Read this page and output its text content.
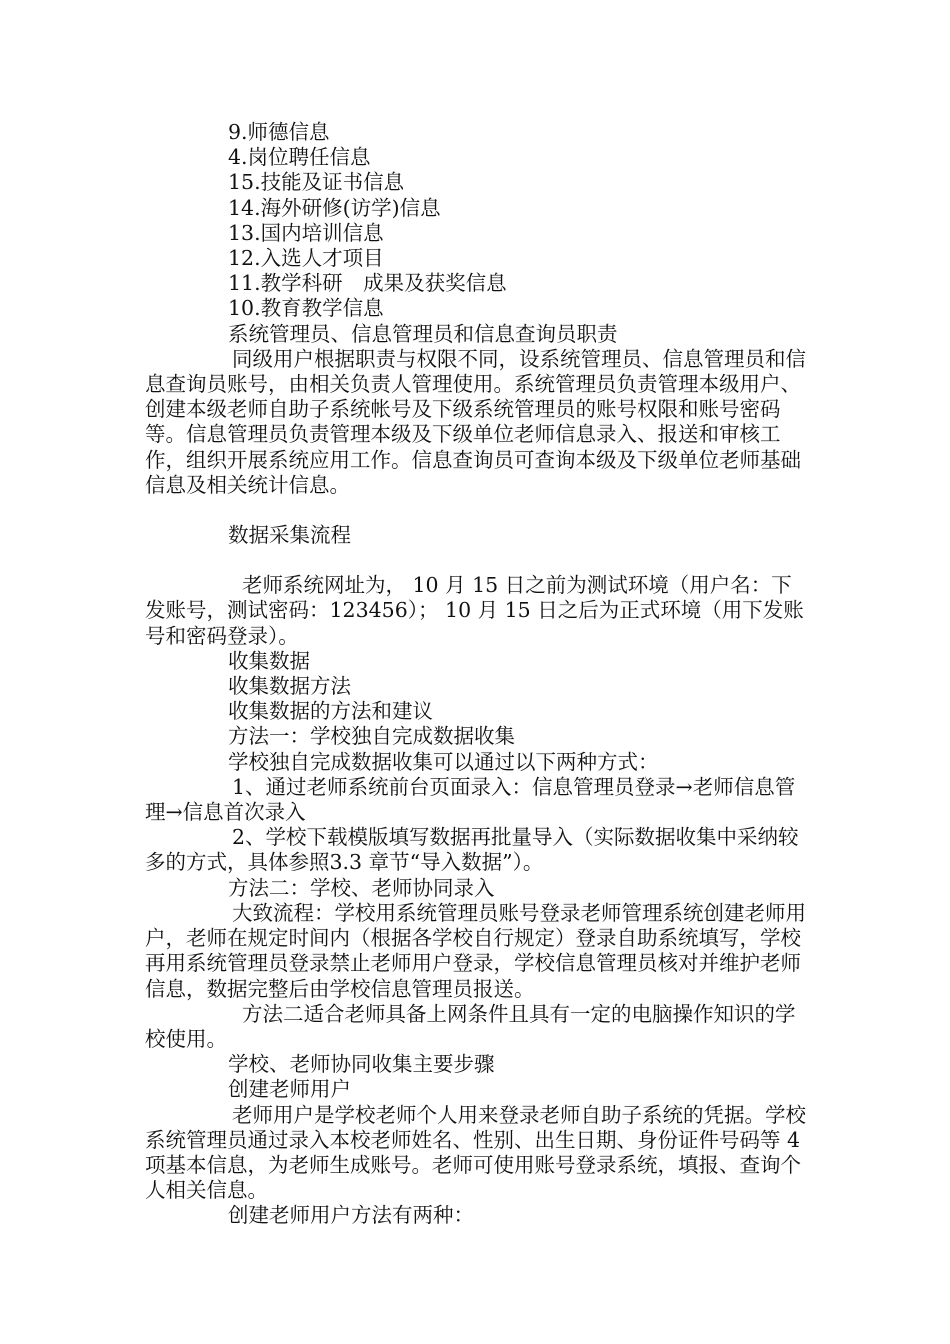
9.师德信息

4.岗位聘任信息

15.技能及证书信息

14.海外研修(访学)信息

13.国内培训信息

12.入选人才项目

11.教学科研　成果及获奖信息

10.教育教学信息

系统管理员、信息管理员和信息查询员职责

同级用户根据职责与权限不同，设系统管理员、信息管理员和信息查询员账号，由相关负责人管理使用。系统管理员负责管理本级用户、创建本级老师自助子系统帐号及下级系统管理员的账号权限和账号密码等。信息管理员负责管理本级及下级单位老师信息录入、报送和审核工作，组织开展系统应用工作。信息查询员可查询本级及下级单位老师基础信息及相关统计信息。

数据采集流程

老师系统网址为， 10 月 15 日之前为测试环境（用户名：下发账号，测试密码：123456）； 10 月 15 日之后为正式环境（用下发账号和密码登录）。

收集数据

收集数据方法

收集数据的方法和建议

方法一：学校独自完成数据收集

学校独自完成数据收集可以通过以下两种方式：

1、通过老师系统前台页面录入：信息管理员登录→老师信息管理→信息首次录入

2、学校下载模版填写数据再批量导入（实际数据收集中采纳较多的方式，具体参照3.3 章节“导入数据”）。

方法二：学校、老师协同录入

大致流程：学校用系统管理员账号登录老师管理系统创建老师用户，老师在规定时间内（根据各学校自行规定）登录自助系统填写，学校再用系统管理员登录禁止老师用户登录，学校信息管理员核对并维护老师信息，数据完整后由学校信息管理员报送。

方法二适合老师具备上网条件且具有一定的电脑操作知识的学校使用。

学校、老师协同收集主要步骤

创建老师用户

老师用户是学校老师个人用来登录老师自助子系统的凭据。学校系统管理员通过录入本校老师姓名、性别、出生日期、身份证件号码等 4 项基本信息，为老师生成账号。老师可使用账号登录系统，填报、查询个人相关信息。

创建老师用户方法有两种：
